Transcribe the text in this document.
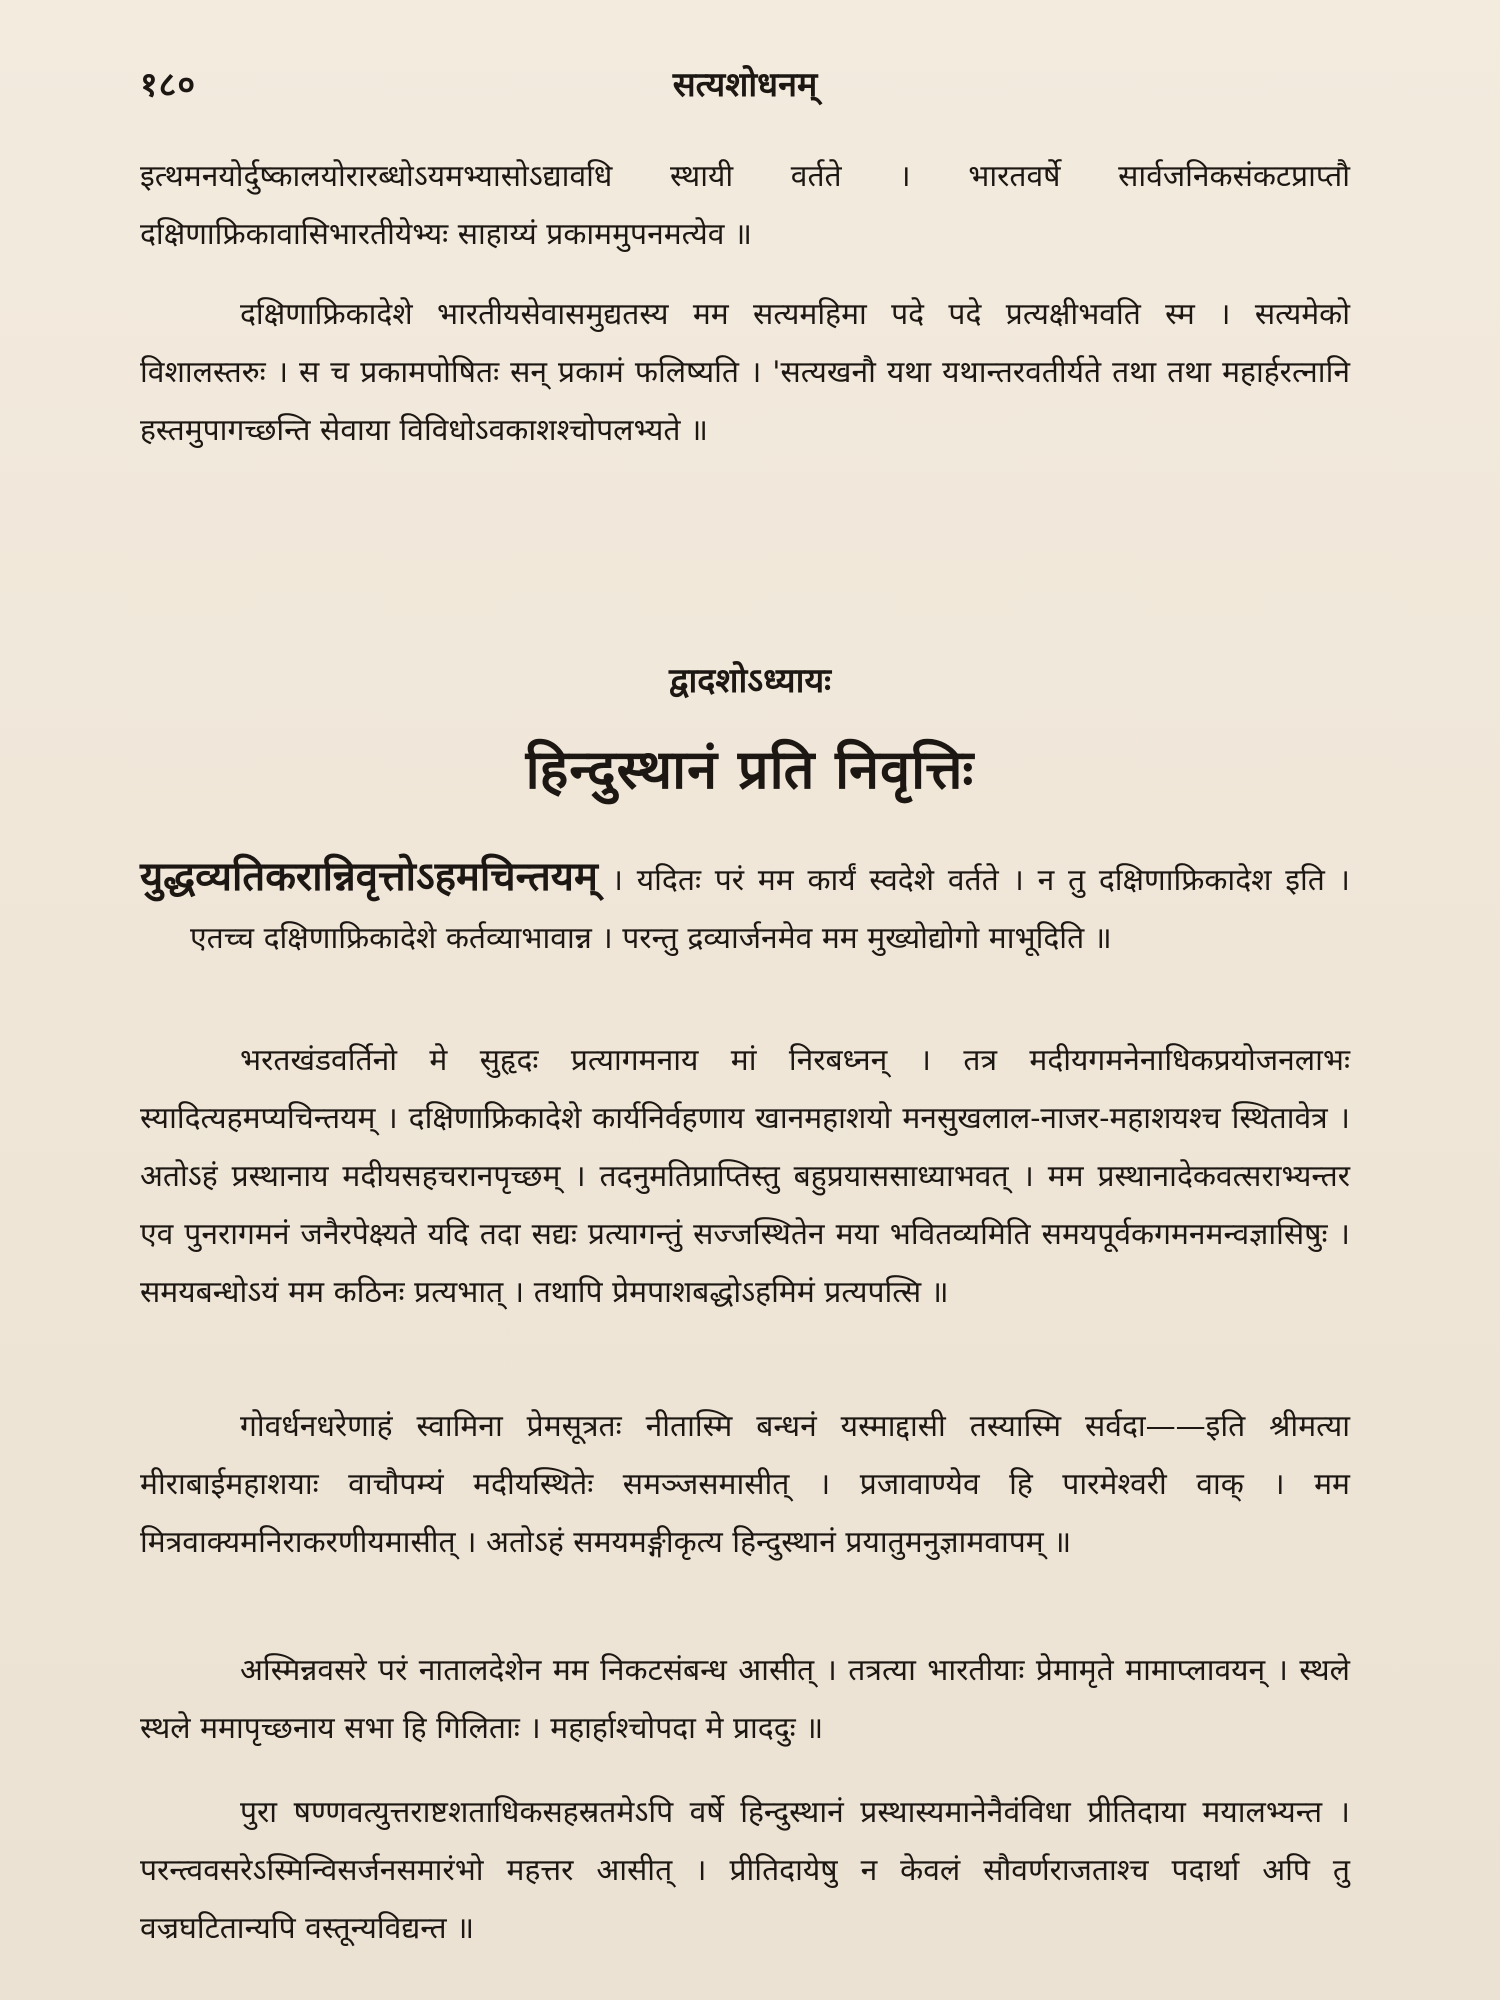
१८०	सत्यशोधनम्

इत्थमनयोर्दुष्कालयोरारब्धोऽयमभ्यासोऽद्यावधि स्थायी वर्तते । भारतवर्षे सार्वजनिकसंकटप्राप्तौ दक्षिणाफ्रिकावासिभारतीयेभ्यः साहाय्यं प्रकाममुपनमत्येव ॥

दक्षिणाफ्रिकादेशे भारतीयसेवासमुद्यतस्य मम सत्यमहिमा पदे पदे प्रत्यक्षीभवति स्म । सत्यमेको विशालस्तरुः । स च प्रकामपोषितः सन् प्रकामं फलिष्यति । 'सत्यखनौ यथा यथान्तरवतीर्यते तथा तथा महार्हरत्नानि हस्तमुपागच्छन्ति सेवाया विविधोऽवकाशश्चोपलभ्यते ॥

द्वादशोऽध्यायः
हिन्दुस्थानं प्रति निवृत्तिः

युद्धव्यतिकरान्निवृत्तोऽहमचिन्तयम् । यदितः परं मम कार्यं स्वदेशे वर्तते । न तु दक्षिणाफ्रिकादेश इति । एतच्च दक्षिणाफ्रिकादेशे कर्तव्याभावान्न । परन्तु द्रव्यार्जनमेव मम मुख्योद्योगो माभूदिति ॥

भरतखंडवर्तिनो मे सुहृदः प्रत्यागमनाय मां निरबध्नन् । तत्र मदीयगमनेनाधिकप्रयोजनलाभः स्यादित्यहमप्यचिन्तयम् । दक्षिणाफ्रिकादेशे कार्यनिर्वहणाय खानमहाशयो मनसुखलाल-नाजर-महाशयश्च स्थितावेत्र । अतोऽहं प्रस्थानाय मदीयसहचरानपृच्छम् । तदनुमतिप्राप्तिस्तु बहुप्रयाससाध्याभवत् । मम प्रस्थानादेकवत्सराभ्यन्तर एव पुनरागमनं जनैरपेक्ष्यते यदि तदा सद्यः प्रत्यागन्तुं सज्जस्थितेन मया भवितव्यमिति समयपूर्वकगमनमन्वज्ञासिषुः । समयबन्धोऽयं मम कठिनः प्रत्यभात् । तथापि प्रेमपाशबद्धोऽहमिमं प्रत्यपत्सि ॥

गोवर्धनधरेणाहं स्वामिना प्रेमसूत्रतः नीतास्मि बन्धनं यस्माद्दासी तस्यास्मि सर्वदा——इति श्रीमत्या मीराबाईमहाशयाः वाचौपम्यं मदीयस्थितेः समञ्जसमासीत् । प्रजावाण्येव हि पारमेश्वरी वाक् । मम मित्रवाक्यमनिराकरणीयमासीत् । अतोऽहं समयमङ्गीकृत्य हिन्दुस्थानं प्रयातुमनुज्ञामवापम् ॥

अस्मिन्नवसरे परं नातालदेशेन मम निकटसंबन्ध आसीत् । तत्रत्या भारतीयाः प्रेमामृते मामाप्लावयन् । स्थले स्थले ममापृच्छनाय सभा हि गिलिताः । महार्हाश्चोपदा मे प्राददुः ॥

पुरा षण्णवत्युत्तराष्टशताधिकसहस्रतमेऽपि वर्षे हिन्दुस्थानं प्रस्थास्यमानेनैवंविधा प्रीतिदाया मयालभ्यन्त । परन्त्ववसरेऽस्मिन्विसर्जनसमारंभो महत्तर आसीत् । प्रीतिदायेषु न केवलं सौवर्णराजताश्च पदार्था अपि तु वज्रघटितान्यपि वस्तून्यविद्यन्त ॥
